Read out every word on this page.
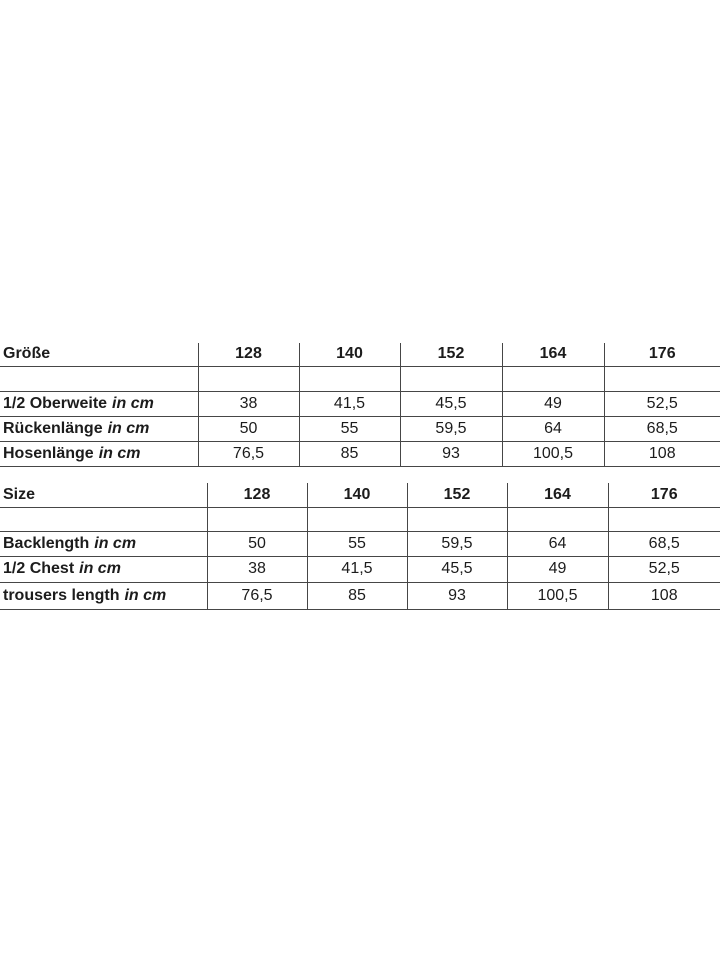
Größe	128	140	152	164	176

1/2 Oberweite in cm	38	41,5	45,5	49	52,5
Rückenlänge in cm	50	55	59,5	64	68,5
Hosenlänge in cm	76,5	85	93	100,5	108
Size	128	140	152	164	176

Backlength in cm	50	55	59,5	64	68,5
1/2 Chest in cm	38	41,5	45,5	49	52,5
trousers length in cm	76,5	85	93	100,5	108
